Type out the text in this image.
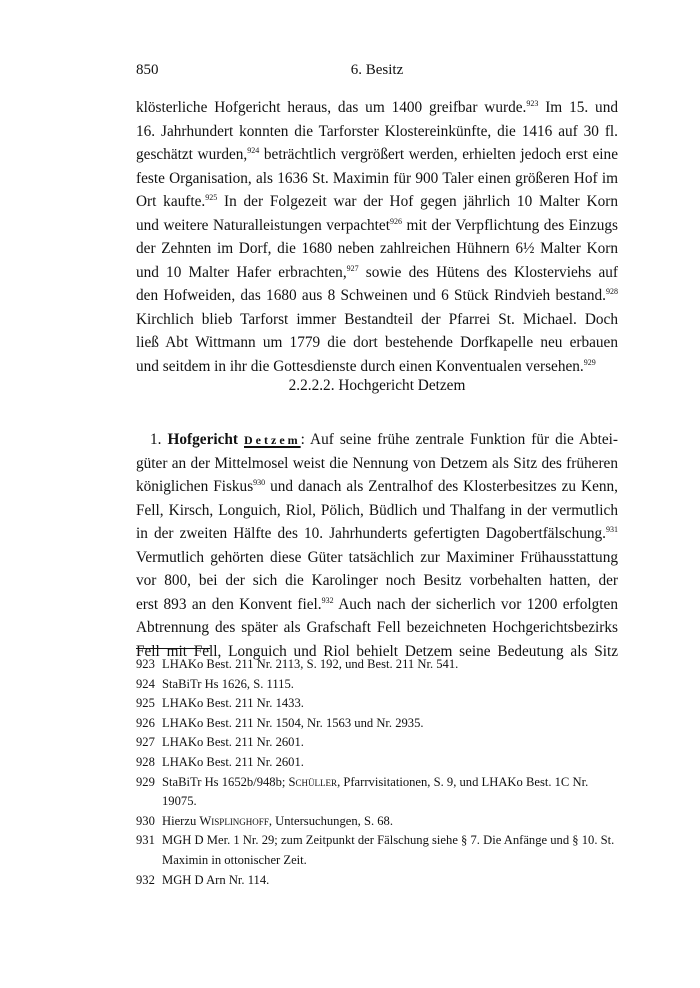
850	6. Besitz
klösterliche Hofgericht heraus, das um 1400 greifbar wurde.$^{923}$ Im 15. und
16. Jahrhundert konnten die Tarforster Klostereinkünfte, die 1416 auf 30 fl.
geschätzt wurden,$^{924}$ beträchtlich vergrößert werden, erhielten jedoch erst eine
feste Organisation, als 1636 St. Maximin für 900 Taler einen größeren Hof im
Ort kaufte.$^{925}$ In der Folgezeit war der Hof gegen jährlich 10 Malter Korn
und weitere Naturalleistungen verpachtet$^{926}$ mit der Verpflichtung des Einzugs
der Zehnten im Dorf, die 1680 neben zahlreichen Hühnern 6½ Malter Korn
und 10 Malter Hafer erbrachten,$^{927}$ sowie des Hütens des Klosterviehs auf
den Hofweiden, das 1680 aus 8 Schweinen und 6 Stück Rindvieh bestand.$^{928}$
Kirchlich blieb Tarforst immer Bestandteil der Pfarrei St. Michael. Doch
ließ Abt Wittmann um 1779 die dort bestehende Dorfkapelle neu erbauen
und seitdem in ihr die Gottesdienste durch einen Konventualen versehen.$^{929}$
2.2.2.2. Hochgericht Detzem
1. Hofgericht Detzem: Auf seine frühe zentrale Funktion für die Abtei-
güter an der Mittelmosel weist die Nennung von Detzem als Sitz des früheren
königlichen Fiskus$^{930}$ und danach als Zentralhof des Klosterbesitzes zu Kenn,
Fell, Kirsch, Longuich, Riol, Pölich, Büdlich und Thalfang in der vermutlich
in der zweiten Hälfte des 10. Jahrhunderts gefertigten Dagobertfälschung.$^{931}$
Vermutlich gehörten diese Güter tatsächlich zur Maximiner Frühausstattung
vor 800, bei der sich die Karolinger noch Besitz vorbehalten hatten, der
erst 893 an den Konvent fiel.$^{932}$ Auch nach der sicherlich vor 1200 erfolgten
Abtrennung des später als Grafschaft Fell bezeichneten Hochgerichtsbezirks
Fell mit Fell, Longuich und Riol behielt Detzem seine Bedeutung als Sitz
923 LHAKo Best. 211 Nr. 2113, S. 192, und Best. 211 Nr. 541.
924 StaBiTr Hs 1626, S. 1115.
925 LHAKo Best. 211 Nr. 1433.
926 LHAKo Best. 211 Nr. 1504, Nr. 1563 und Nr. 2935.
927 LHAKo Best. 211 Nr. 2601.
928 LHAKo Best. 211 Nr. 2601.
929 StaBiTr Hs 1652b/948b; Schüller, Pfarrvisitationen, S. 9, und LHAKo Best. 1C Nr. 19075.
930 Hierzu Wisplinghoff, Untersuchungen, S. 68.
931 MGH D Mer. 1 Nr. 29; zum Zeitpunkt der Fälschung siehe § 7. Die Anfänge und § 10. St. Maximin in ottonischer Zeit.
932 MGH D Arn Nr. 114.
